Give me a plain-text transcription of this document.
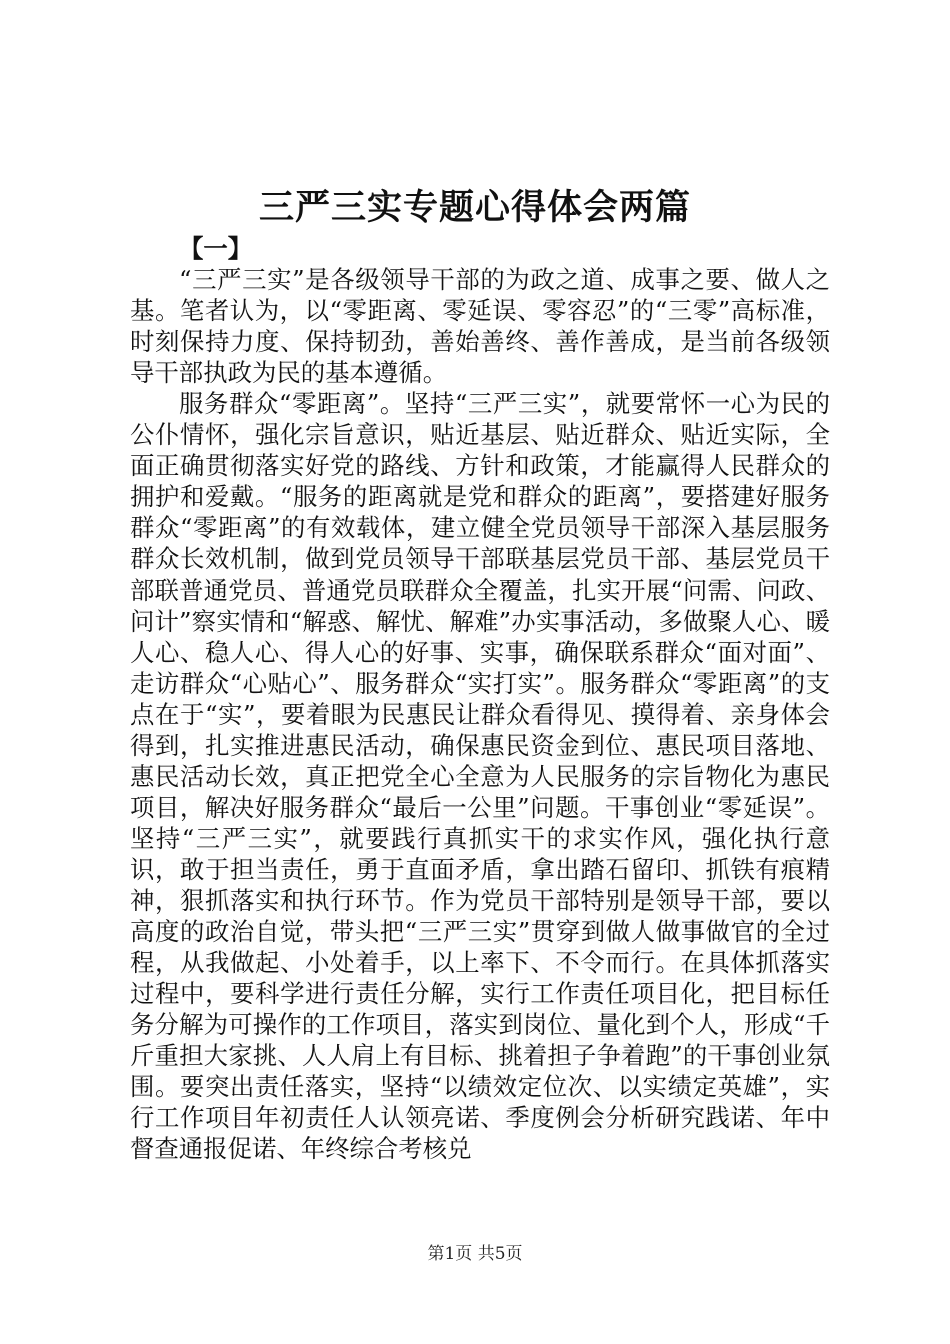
三严三实专题心得体会两篇

【一】

“三严三实”是各级领导干部的为政之道、成事之要、做人之基。笔者认为，以“零距离、零延误、零容忍”的“三零”高标准，时刻保持力度、保持韧劲，善始善终、善作善成，是当前各级领导干部执政为民的基本遵循。

服务群众“零距离”。坚持“三严三实”，就要常怀一心为民的公仆情怀，强化宗旨意识，贴近基层、贴近群众、贴近实际，全面正确贯彻落实好党的路线、方针和政策，才能赢得人民群众的拥护和爱戴。“服务的距离就是党和群众的距离”，要搭建好服务群众“零距离”的有效载体，建立健全党员领导干部深入基层服务群众长效机制，做到党员领导干部联基层党员干部、基层党员干部联普通党员、普通党员联群众全覆盖，扎实开展“问需、问政、问计”察实情和“解惑、解忧、解难”办实事活动，多做聚人心、暖人心、稳人心、得人心的好事、实事，确保联系群众“面对面”、走访群众“心贴心”、服务群众“实打实”。服务群众“零距离”的支点在于“实”，要着眼为民惠民让群众看得见、摸得着、亲身体会得到，扎实推进惠民活动，确保惠民资金到位、惠民项目落地、惠民活动长效，真正把党全心全意为人民服务的宗旨物化为惠民项目，解决好服务群众“最后一公里”问题。干事创业“零延误”。坚持“三严三实”，就要践行真抓实干的求实作风，强化执行意识，敢于担当责任，勇于直面矛盾，拿出踏石留印、抓铁有痕精神，狠抓落实和执行环节。作为党员干部特别是领导干部，要以高度的政治自觉，带头把“三严三实”贯穿到做人做事做官的全过程，从我做起、小处着手，以上率下、不令而行。在具体抓落实过程中，要科学进行责任分解，实行工作责任项目化，把目标任务分解为可操作的工作项目，落实到岗位、量化到个人，形成“千斤重担大家挑、人人肩上有目标、挑着担子争着跑”的干事创业氛围。要突出责任落实，坚持“以绩效定位次、以实绩定英雄”，实行工作项目年初责任人认领亮诺、季度例会分析研究践诺、年中督查通报促诺、年终综合考核兑

第1页 共5页
